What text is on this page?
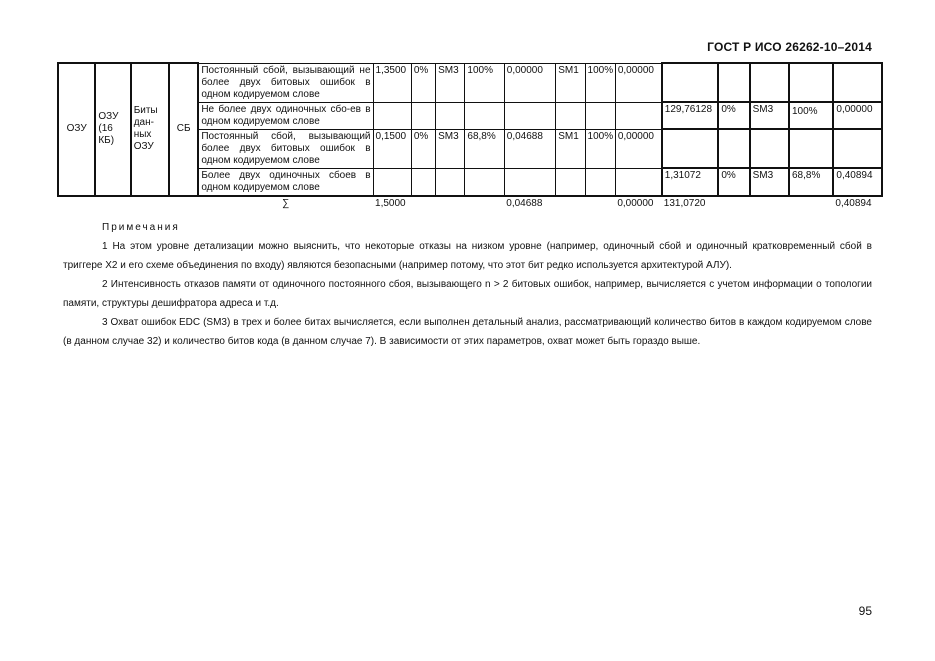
ГОСТ Р ИСО 26262-10–2014
ОЗУ	ОЗУ (16 КБ)	Биты дан-ных ОЗУ	СБ	Постоянный сбой, вызывающий не более двух битовых ошибок в одном кодируемом слове	1,3500	0%	SM3	100%	0,00000	SM1	100%	0,00000					
				Не более двух одиночных сбо-ев в одном кодируемом слове									129,76128	0%	SM3	100%	0,00000
				Постоянный сбой, вызывающий более двух битовых ошибок в одном кодируемом слове	0,1500	0%	SM3	68,8%	0,04688	SM1	100%	0,00000					
				Более двух одиночных сбоев в одном кодируемом слове									1,31072	0%	SM3	68,8%	0,40894
				∑	1,5000				0,04688			0,00000	131,0720				0,40894
Примечания

1 На этом уровне детализации можно выяснить, что некоторые отказы на низком уровне (например, одиночный сбой и одиночный кратковременный сбой в триггере X2 и его схеме объединения по входу) являются безопасными (например потому, что этот бит редко используется архитектурой АЛУ).

2 Интенсивность отказов памяти от одиночного постоянного сбоя, вызывающего n > 2 битовых ошибок, например, вычисляется с учетом информации о топологии памяти, структуры дешифратора адреса и т.д.

3 Охват ошибок EDC (SM3) в трех и более битах вычисляется, если выполнен детальный анализ, рассматривающий количество битов в каждом кодируемом слове (в данном случае 32) и количество битов кода (в данном случае 7). В зависимости от этих параметров, охват может быть гораздо выше.

95
